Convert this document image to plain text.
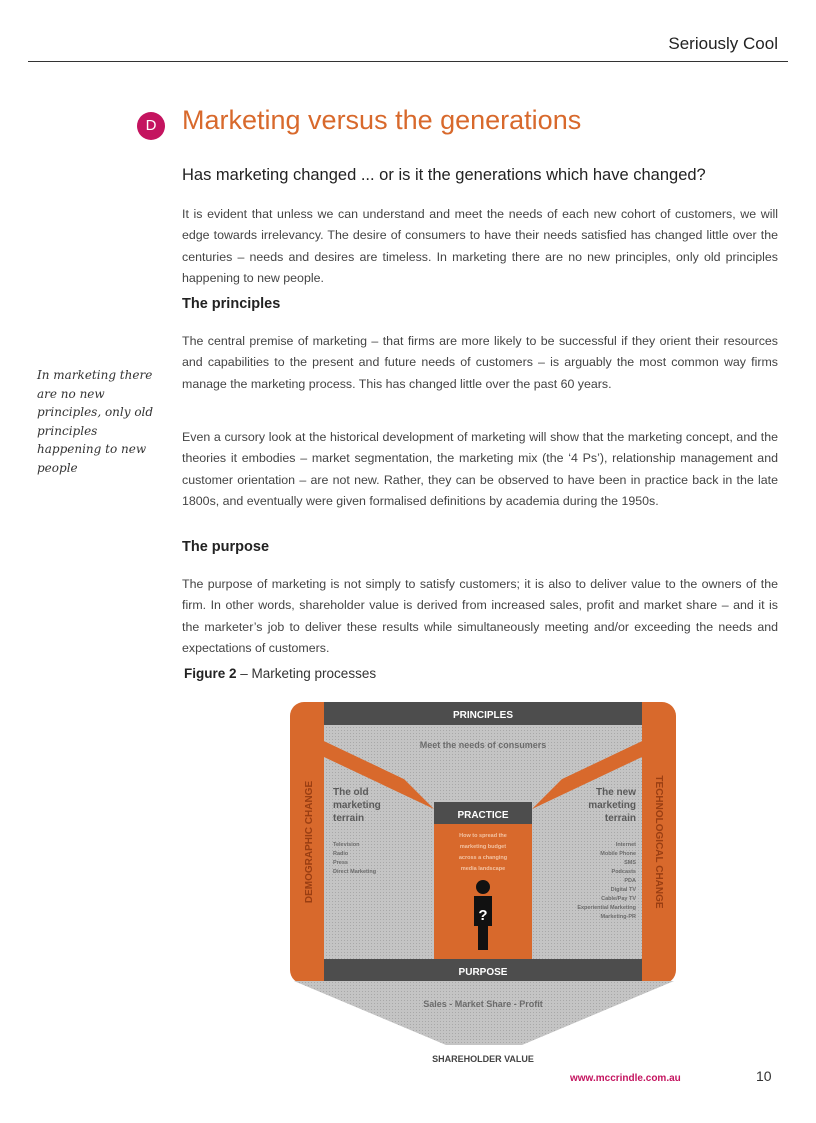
Seriously Cool
D Marketing versus the generations
Has marketing changed ... or is it the generations which have changed?

It is evident that unless we can understand and meet the needs of each new cohort of customers, we will edge towards irrelevancy. The desire of consumers to have their needs satisfied has changed little over the centuries – needs and desires are timeless. In marketing there are no new principles, only old principles happening to new people.

The principles

The central premise of marketing – that firms are more likely to be successful if they orient their resources and capabilities to the present and future needs of customers – is arguably the most common way firms manage the marketing process. This has changed little over the past 60 years.

Even a cursory look at the historical development of marketing will show that the marketing concept, and the theories it embodies – market segmentation, the marketing mix (the ‘4 Ps’), relationship management and customer orientation – are not new. Rather, they can be observed to have been in practice back in the late 1800s, and eventually were given formalised definitions by academia during the 1950s.

The purpose

The purpose of marketing is not simply to satisfy customers; it is also to deliver value to the owners of the firm. In other words, shareholder value is derived from increased sales, profit and market share – and it is the marketer’s job to deliver these results while simultaneously meeting and/or exceeding the needs and expectations of customers.

In marketing there are no new principles, only old principles happening to new people
Figure 2 – Marketing processes
PRINCIPLES
Meet the needs of consumers
PRACTICE
The old
marketing
terrain
The new
marketing
terrain
Television
Radio
Press
Direct Marketing
Internet
Mobile Phone
SMS
Podcasts
PDA
Digital TV
Cable/Pay TV
Experiential Marketing
Marketing-PR
How to spread the
marketing budget
across a changing
media landscape
?
PURPOSE
Sales - Market Share - Profit
SHAREHOLDER VALUE
DEMOGRAPHIC CHANGE	TECHNOLOGICAL CHANGE
www.mccrindle.com.au	10
